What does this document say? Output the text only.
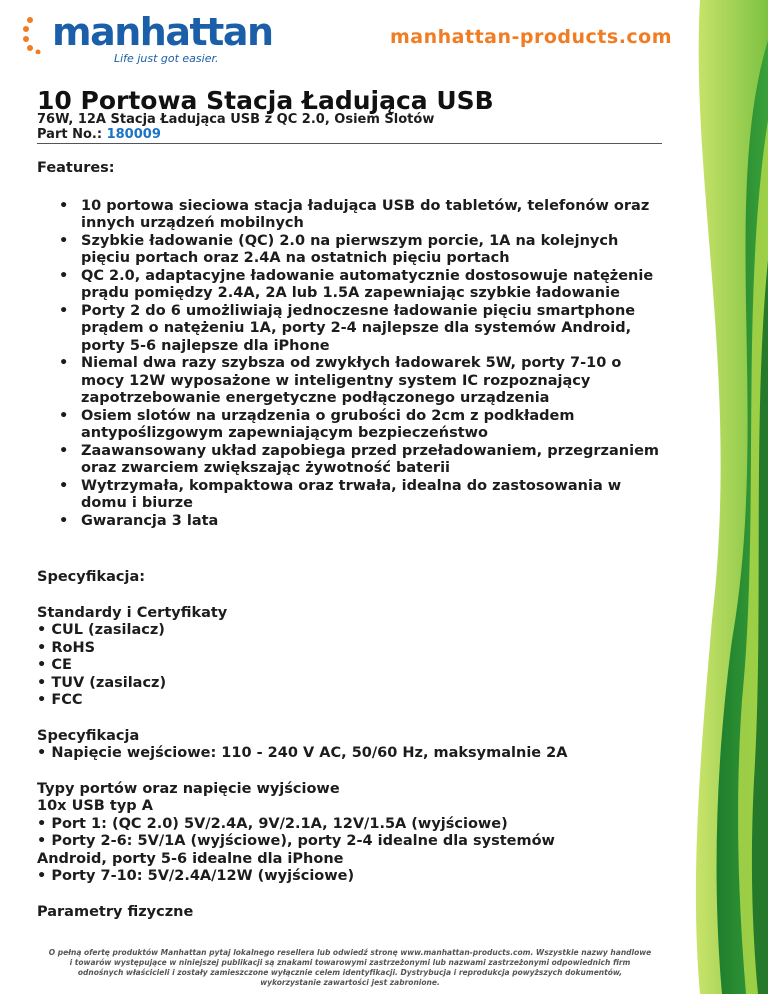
manhattan
Life just got easier.
manhattan-products.com
10 Portowa Stacja Ładująca USB
76W, 12A Stacja Ładująca USB z QC 2.0, Osiem Slotów
Part No.: 180009

Features:

• 10 portowa sieciowa stacja ładująca USB do tabletów, telefonów oraz innych urządzeń mobilnych
• Szybkie ładowanie (QC) 2.0 na pierwszym porcie, 1A na kolejnych pięciu portach oraz 2.4A na ostatnich pięciu portach
• QC 2.0, adaptacyjne ładowanie automatycznie dostosowuje natężenie prądu pomiędzy 2.4A, 2A lub 1.5A zapewniając szybkie ładowanie
• Porty 2 do 6 umożliwiają jednoczesne ładowanie pięciu smartphone prądem o natężeniu 1A, porty 2-4 najlepsze dla systemów Android, porty 5-6 najlepsze dla iPhone
• Niemal dwa razy szybsza od zwykłych ładowarek 5W, porty 7-10 o mocy 12W wyposażone w inteligentny system IC rozpoznający zapotrzebowanie energetyczne podłączonego urządzenia
• Osiem slotów na urządzenia o grubości do 2cm z podkładem antypoślizgowym zapewniającym bezpieczeństwo
• Zaawansowany układ zapobiega przed przeładowaniem, przegrzaniem oraz zwarciem zwiększając żywotność baterii
• Wytrzymała, kompaktowa oraz trwała, idealna do zastosowania w domu i biurze
• Gwarancja 3 lata
Specyfikacja:
Standardy i Certyfikaty
• CUL (zasilacz)
• RoHS
• CE
• TUV (zasilacz)
• FCC
Specyfikacja
• Napięcie wejściowe: 110 - 240 V AC, 50/60 Hz, maksymalnie 2A
Typy portów oraz napięcie wyjściowe
10x USB typ A
• Port 1: (QC 2.0) 5V/2.4A, 9V/2.1A, 12V/1.5A (wyjściowe)
• Porty 2-6: 5V/1A (wyjściowe), porty 2-4 idealne dla systemów
Android, porty 5-6 idealne dla iPhone
• Porty 7-10: 5V/2.4A/12W (wyjściowe)
Parametry fizyczne
O pełną ofertę produktów Manhattan pytaj lokalnego resellera lub odwiedź stronę www.manhattan-products.com. Wszystkie nazwy handlowe
i towarów występujące w niniejszej publikacji są znakami towarowymi zastrzeżonymi lub nazwami zastrzeżonymi odpowiednich firm
odnośnych właścicieli i zostały zamieszczone wyłącznie celem identyfikacji. Dystrybucja i reprodukcja powyższych dokumentów,
wykorzystanie zawartości jest zabronione.
